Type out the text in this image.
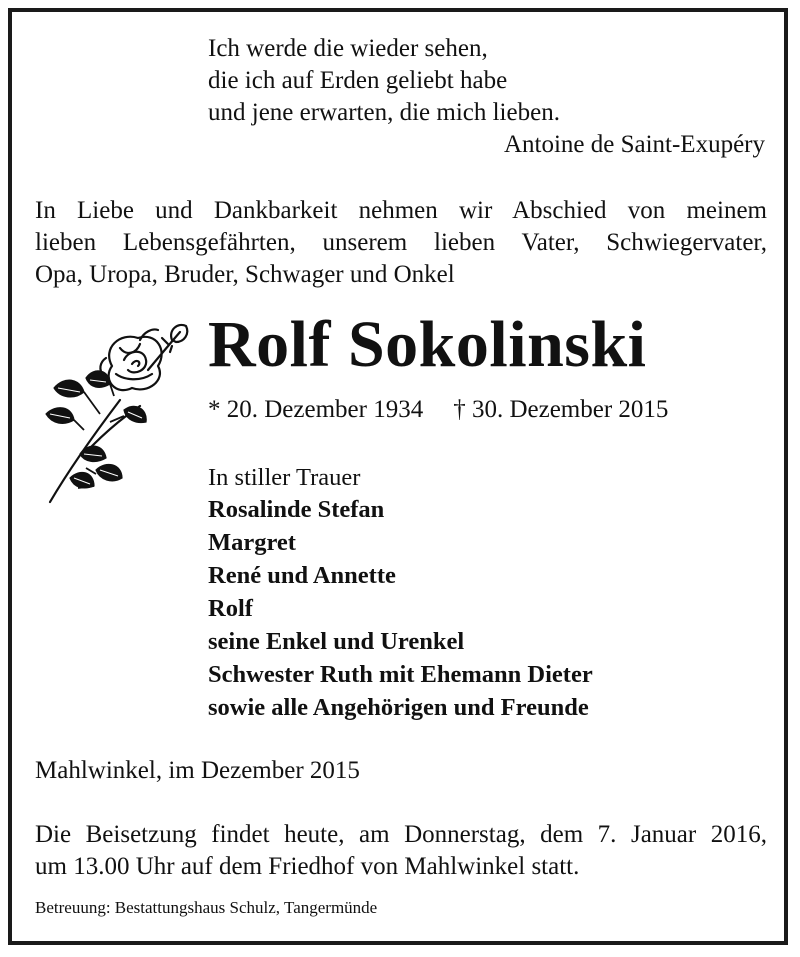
Ich werde die wieder sehen,
die ich auf Erden geliebt habe
und jene erwarten, die mich lieben.
Antoine de Saint-Exupéry
In Liebe und Dankbarkeit nehmen wir Abschied von meinem
lieben Lebensgefährten, unserem lieben Vater, Schwiegervater,
Opa, Uropa, Bruder, Schwager und Onkel
Rolf Sokolinski
* 20. Dezember 1934 † 30. Dezember 2015
In stiller Trauer
Rosalinde Stefan
Margret
René und Annette
Rolf
seine Enkel und Urenkel
Schwester Ruth mit Ehemann Dieter
sowie alle Angehörigen und Freunde
Mahlwinkel, im Dezember 2015
Die Beisetzung findet heute, am Donnerstag, dem 7. Januar 2016,
um 13.00 Uhr auf dem Friedhof von Mahlwinkel statt.
Betreuung: Bestattungshaus Schulz, Tangermünde
